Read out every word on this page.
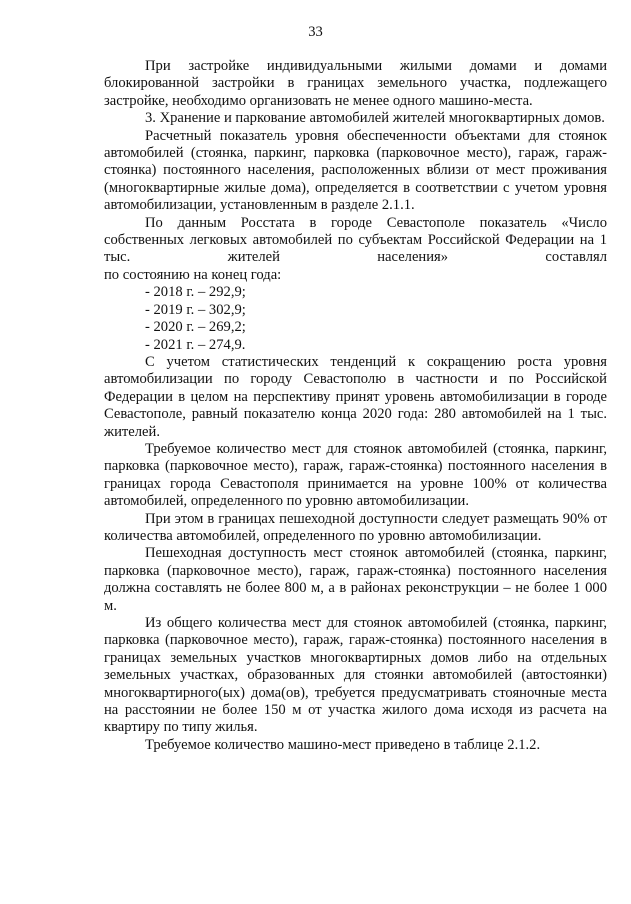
33

При застройке индивидуальными жилыми домами и домами блокированной застройки в границах земельного участка, подлежащего застройке, необходимо организовать не менее одного машино-места.

3. Хранение и паркование автомобилей жителей многоквартирных домов.

Расчетный показатель уровня обеспеченности объектами для стоянок автомобилей (стоянка, паркинг, парковка (парковочное место), гараж, гараж-стоянка) постоянного населения, расположенных вблизи от мест проживания (многоквартирные жилые дома), определяется в соответствии с учетом уровня автомобилизации, установленным в разделе 2.1.1.

По данным Росстата в городе Севастополе показатель «Число собственных легковых автомобилей по субъектам Российской Федерации на 1 тыс. жителей населения» составлял

по состоянию на конец года:

- 2018 г. – 292,9;

- 2019 г. – 302,9;

- 2020 г. – 269,2;

- 2021 г. – 274,9.

С учетом статистических тенденций к сокращению роста уровня автомобилизации по городу Севастополю в частности и по Российской Федерации в целом на перспективу принят уровень автомобилизации в городе Севастополе, равный показателю конца 2020 года: 280 автомобилей на 1 тыс. жителей.

Требуемое количество мест для стоянок автомобилей (стоянка, паркинг, парковка (парковочное место), гараж, гараж-стоянка) постоянного населения в границах города Севастополя принимается на уровне 100% от количества автомобилей, определенного по уровню автомобилизации.

При этом в границах пешеходной доступности следует размещать 90% от количества автомобилей, определенного по уровню автомобилизации.

Пешеходная доступность мест стоянок автомобилей (стоянка, паркинг, парковка (парковочное место), гараж, гараж-стоянка) постоянного населения должна составлять не более 800 м, а в районах реконструкции – не более 1 000 м.

Из общего количества мест для стоянок автомобилей (стоянка, паркинг, парковка (парковочное место), гараж, гараж-стоянка) постоянного населения в границах земельных участков многоквартирных домов либо на отдельных земельных участках, образованных для стоянки автомобилей (автостоянки) многоквартирного(ых) дома(ов), требуется предусматривать стояночные места на расстоянии не более 150 м от участка жилого дома исходя из расчета на квартиру по типу жилья.

Требуемое количество машино-мест приведено в таблице 2.1.2.
